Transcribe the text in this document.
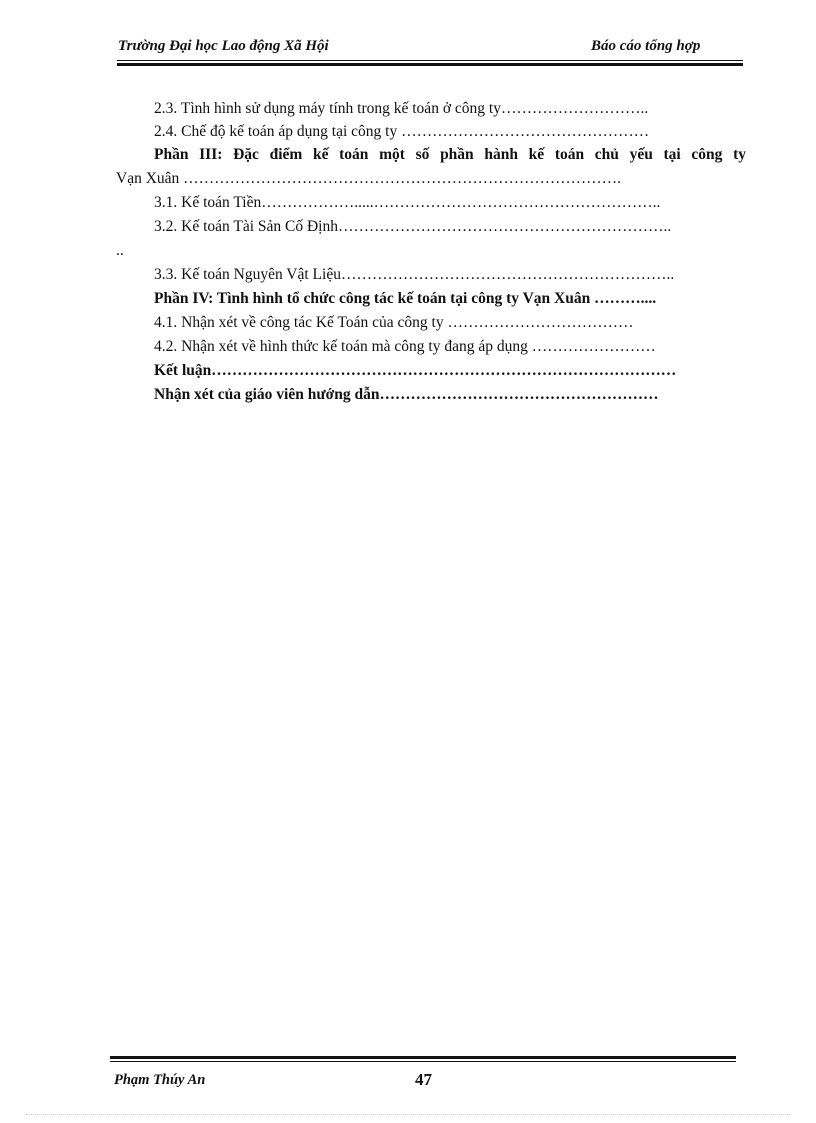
Trường Đại học Lao động Xã Hội	Báo cáo tổng hợp
2.3. Tình hình sử dụng máy tính trong kế toán ở công ty………………………..
2.4. Chế độ kế toán áp dụng tại công ty …………………………………………
Phần III: Đặc điểm kế toán một số phần hành kế toán chủ yếu tại công ty
Vạn Xuân ………………………………………………………………………….
3.1. Kế toán Tiền……………….....………………………………………………..
3.2. Kế toán Tài Sản Cố Định………………………………………………………..
..
3.3. Kế toán Nguyên Vật Liệu………………………………………………………..
Phần IV: Tình hình tổ chức công tác kế toán tại công ty Vạn Xuân ………....
4.1. Nhận xét về công tác Kế Toán của công ty ………………………………
4.2. Nhận xét về hình thức kế toán mà công ty đang áp dụng ……………………
Kết luận………………………………………………………………………………
Nhận xét của giáo viên hướng dẫn………………………………………………
Phạm Thúy An	47
